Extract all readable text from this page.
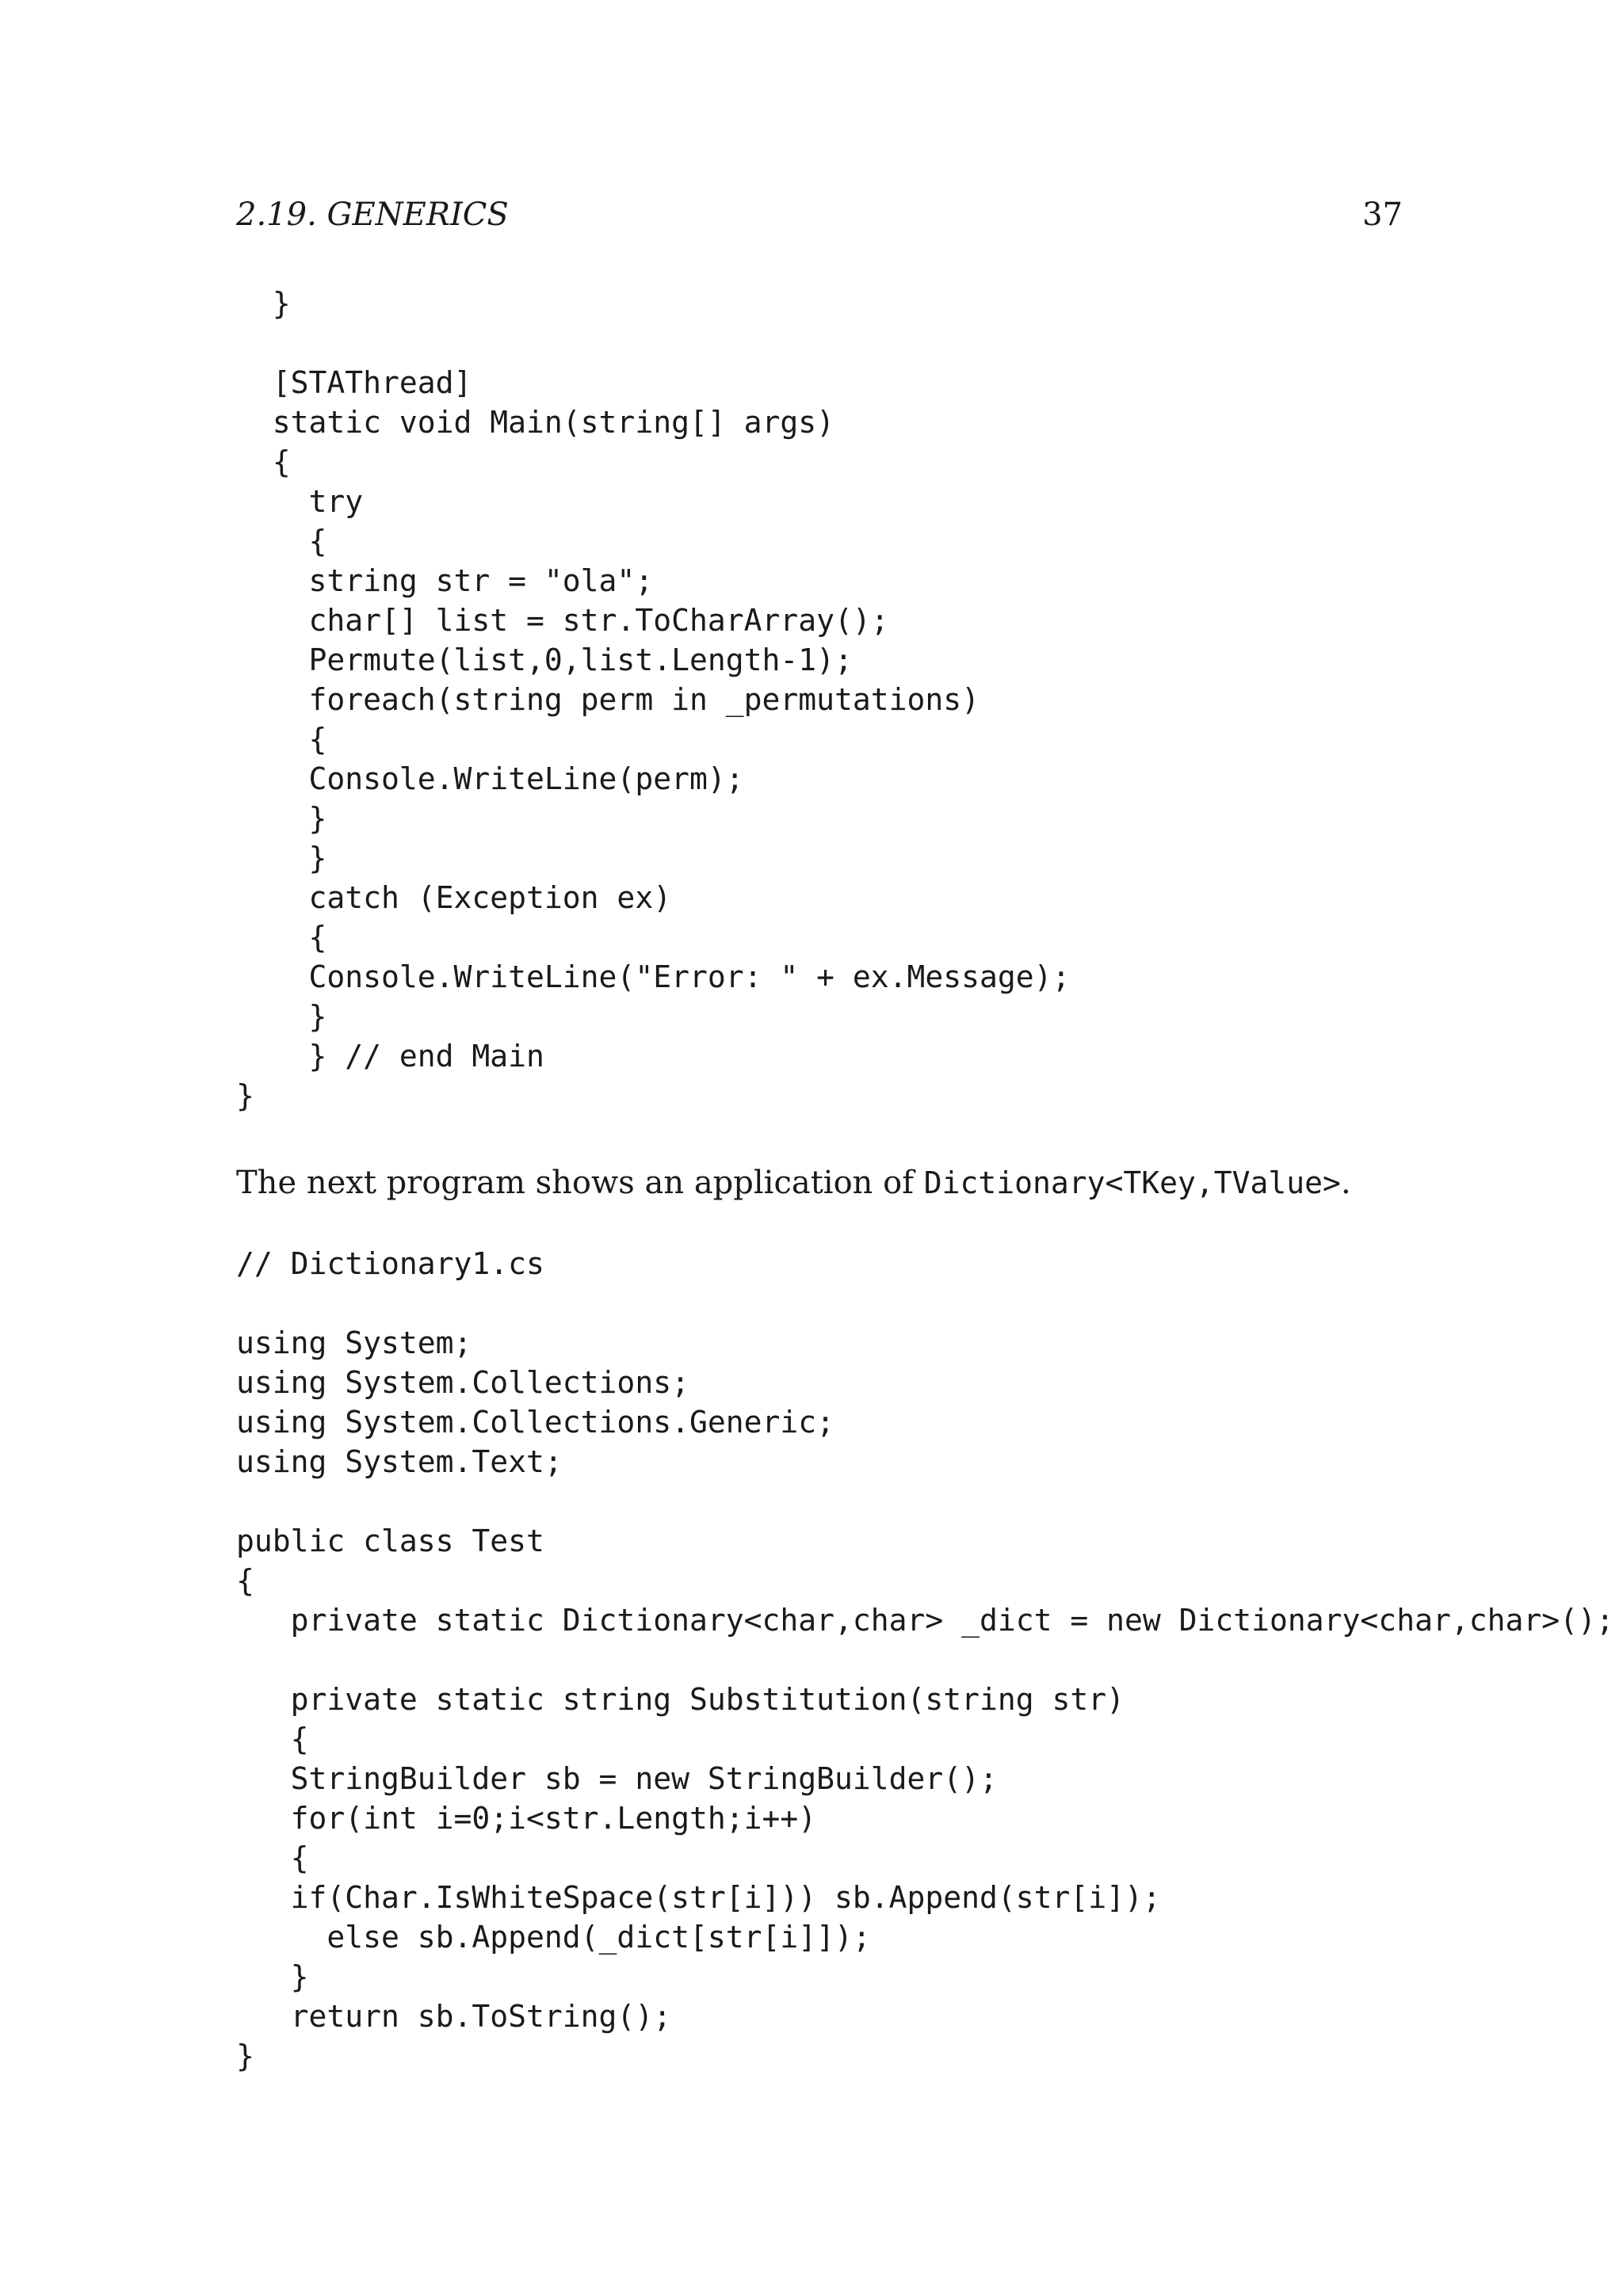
2.19. GENERICS	37
}

[STAThread]
static void Main(string[] args)
{
try
{
string str = "ola";
char[] list = str.ToCharArray();
Permute(list,0,list.Length-1);
foreach(string perm in _permutations)
{
Console.WriteLine(perm);
}
}
catch (Exception ex)
{
Console.WriteLine("Error: " + ex.Message);
}
} // end Main
}
The next program shows an application of Dictionary<TKey,TValue>.
// Dictionary1.cs

using System;
using System.Collections;
using System.Collections.Generic;
using System.Text;

public class Test
{
private static Dictionary<char,char> _dict = new Dictionary<char,char>();

private static string Substitution(string str)
{
StringBuilder sb = new StringBuilder();
for(int i=0;i<str.Length;i++)
{
if(Char.IsWhiteSpace(str[i])) sb.Append(str[i]);
else sb.Append(_dict[str[i]]);
}
return sb.ToString();
}
